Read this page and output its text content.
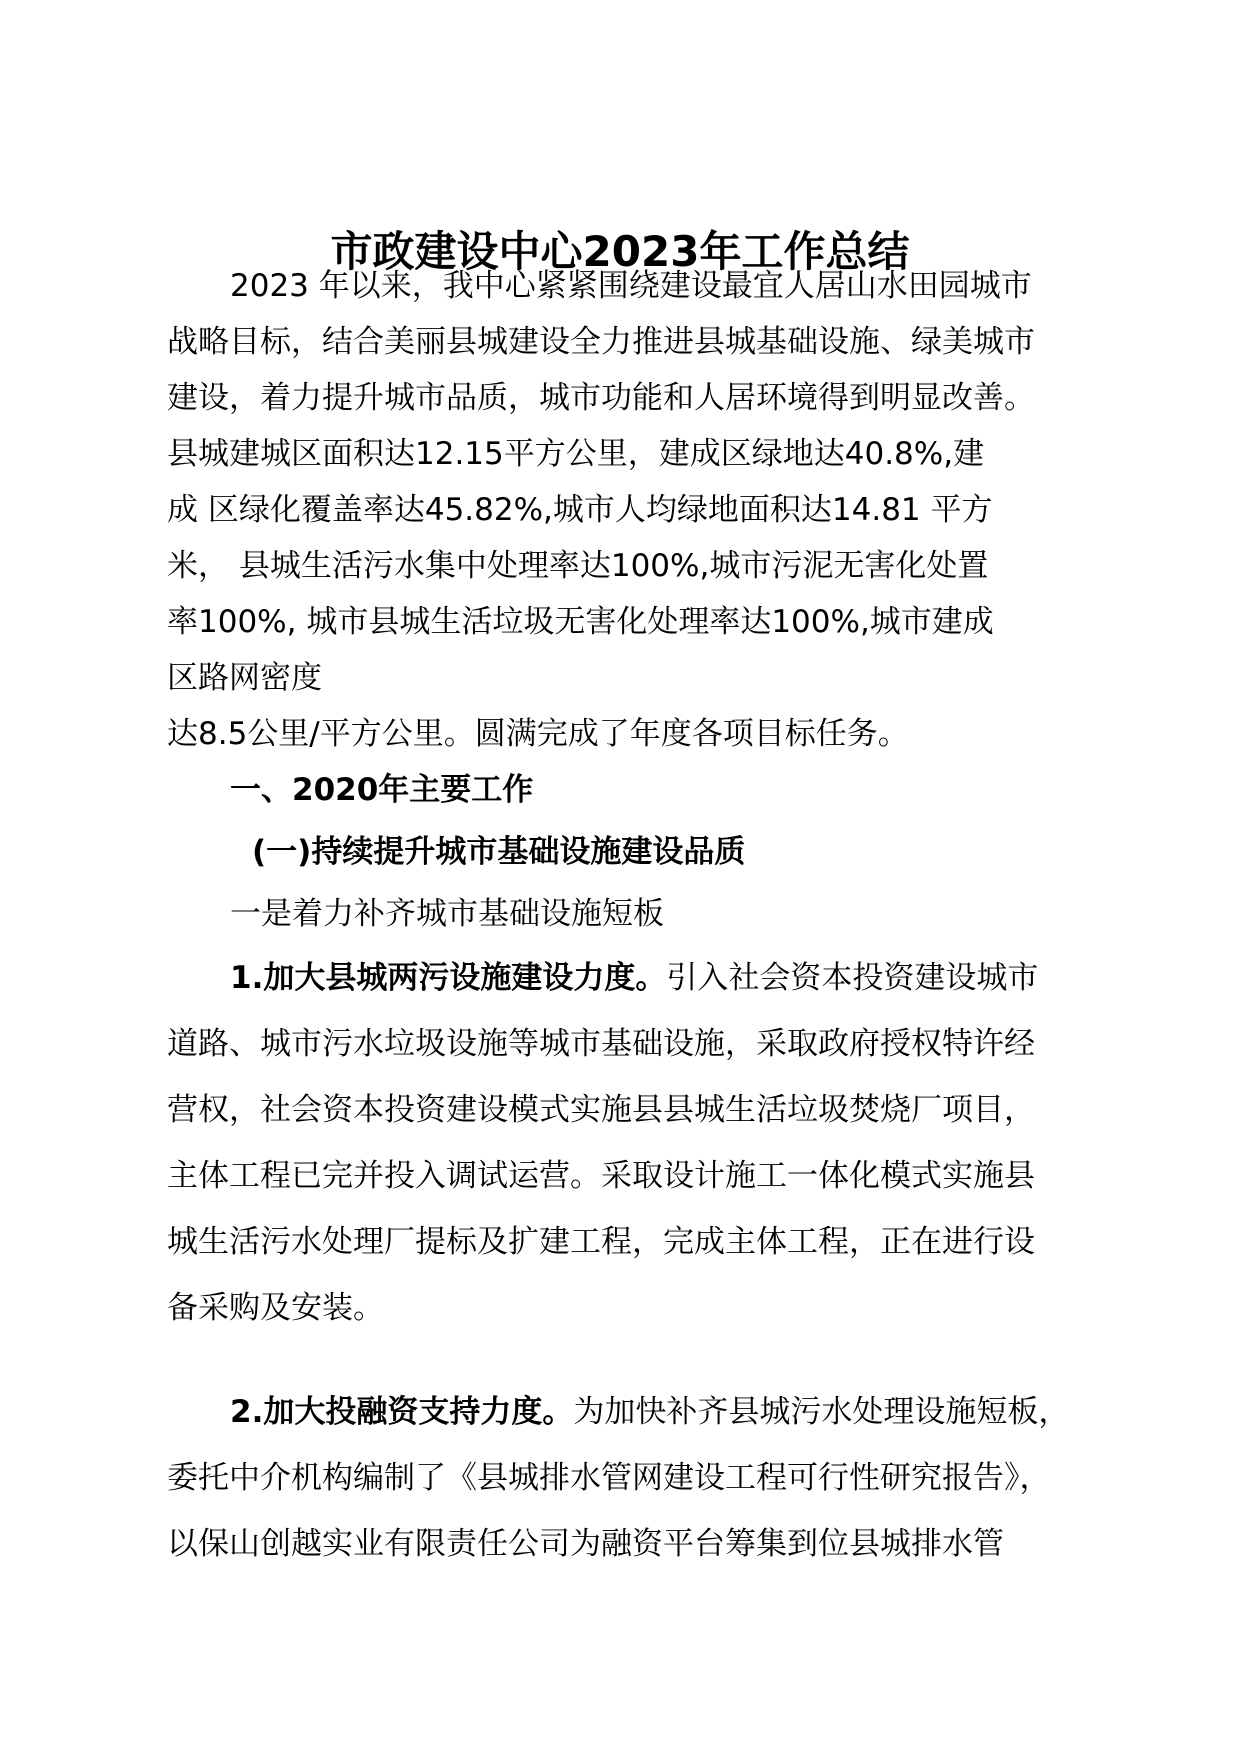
市政建设中心2023年工作总结
2023 年以来，我中心紧紧围绕建设最宜人居山水田园城市
战略目标，结合美丽县城建设全力推进县城基础设施、绿美城市
建设，着力提升城市品质，城市功能和人居环境得到明显改善。
县城建城区面积达12.15平方公里，建成区绿地达40.8%,建
成 区绿化覆盖率达45.82%,城市人均绿地面积达14.81 平方
米， 县城生活污水集中处理率达100%,城市污泥无害化处置
率100%, 城市县城生活垃圾无害化处理率达100%,城市建成
区路网密度
达8.5公里/平方公里。圆满完成了年度各项目标任务。
一、2020年主要工作
(一)持续提升城市基础设施建设品质
一是着力补齐城市基础设施短板
1.加大县城两污设施建设力度。引入社会资本投资建设城市
道路、城市污水垃圾设施等城市基础设施，采取政府授权特许经
营权，社会资本投资建设模式实施县县城生活垃圾焚烧厂项目，
主体工程已完并投入调试运营。采取设计施工一体化模式实施县
城生活污水处理厂提标及扩建工程，完成主体工程，正在进行设
备采购及安装。
2.加大投融资支持力度。为加快补齐县城污水处理设施短板，
委托中介机构编制了《县城排水管网建设工程可行性研究报告》，
以保山创越实业有限责任公司为融资平台筹集到位县城排水管
